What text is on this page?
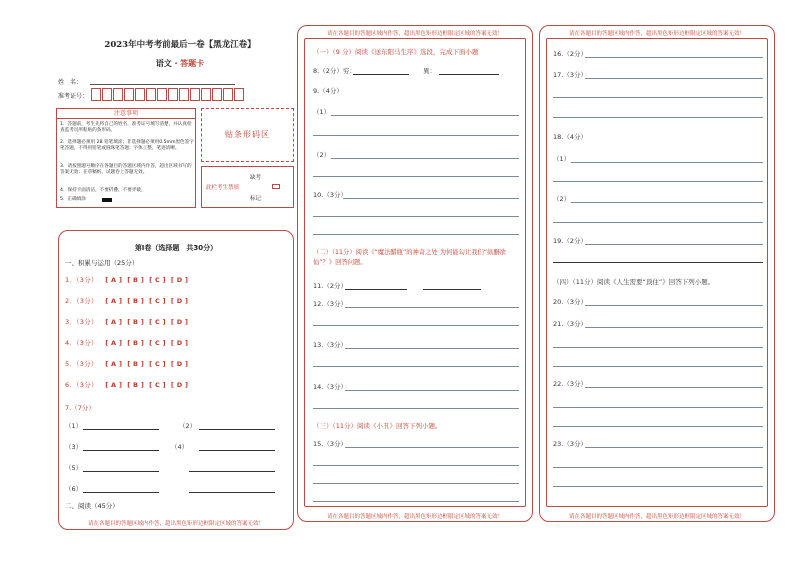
2023年中考考前最后一卷【黑龙江卷】
语文 · 答题卡
姓　名：
准考证号：
注意事项
1．答题前，考生先将自己的姓名，准考证号填写清楚，并认真检查监考员所粘贴的条形码。
2．选择题必须用 2B 铅笔填涂；非选择题必须用0.5mm黑色签字笔答题，不得用铅笔或圆珠笔答题；字体工整，笔迹清晰。
3．请按照题号顺序在各题目的答题区域内作答，超出区域书写的答案无效；在草稿纸、试题卷上答题无效。
4．保持卡面清洁，不要折叠、不要弄破。
5．正确填涂
贴条形码区
缺考
此栏考生禁填
标记
第Ⅰ卷（选择题　共30分）
一、积累与运用（25分）
1．（3分） [ A ] [ B ] [ C ] [ D ]
2．（3分） [ A ] [ B ] [ C ] [ D ]
3．（3分） [ A ] [ B ] [ C ] [ D ]
4．（3分） [ A ] [ B ] [ C ] [ D ]
5．（3分） [ A ] [ B ] [ C ] [ D ]
6．（3分） [ A ] [ B ] [ C ] [ D ]
7.（7分）
（1）	（2）
（3）	（4）
（5）
（6）
二、阅读（45分）
请在各题目的答题区域内作答，超出黑色矩形边框限定区域的答案无效！
请在各题目的答题区域内作答，超出黑色矩形边框限定区域的答案无效！
（一）（9 分）阅读《送东阳马生序》选段，完成下面小题
8.（2分）穷：	異：
9.（4分）
（1）
（2）
10.（3分）
（二）（11分）阅读《“魔法醋瓶”的神奇之处 为何能勾让我们“纵酮欲仙”？》回答问题。
11.（2分）
12.（3分）
13.（3分）
14.（3分）
（三）（11分）阅读《小丑》回答下列小题。
15.（3分）
请在各题目的答题区域内作答，超出黑色矩形边框限定区域的答案无效！
请在各题目的答题区域内作答，超出黑色矩形边框限定区域的答案无效！
16.（2分）
17.（3分）
18.（4分）
（1）
（2）
19.（2分）
（四）（11分）阅读《人生需要“顶住”》回答下列小题。
20.（3分）
21.（3分）
22.（3分）
23.（3分）
请在各题目的答题区域内作答，超出黑色矩形边框限定区域的答案无效！
